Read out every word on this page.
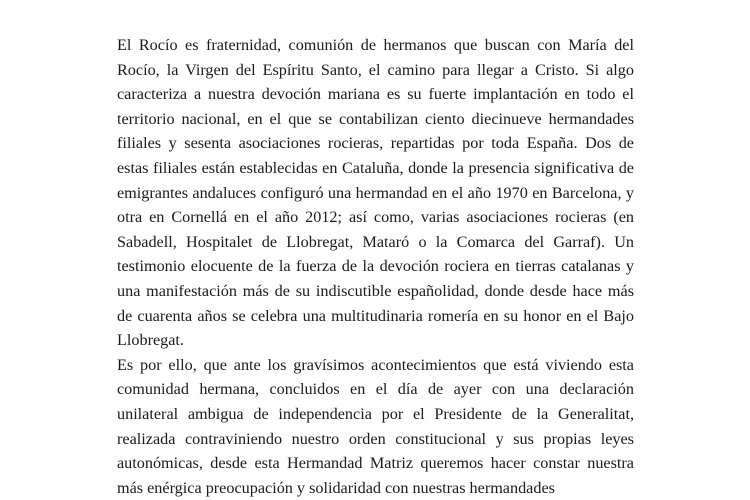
El Rocío es fraternidad, comunión de hermanos que buscan con María del Rocío, la Virgen del Espíritu Santo, el camino para llegar a Cristo. Si algo caracteriza a nuestra devoción mariana es su fuerte implantación en todo el territorio nacional, en el que se contabilizan ciento diecinueve hermandades filiales y sesenta asociaciones rocieras, repartidas por toda España. Dos de estas filiales están establecidas en Cataluña, donde la presencia significativa de emigrantes andaluces configuró una hermandad en el año 1970 en Barcelona, y otra en Cornellá en el año 2012; así como, varias asociaciones rocieras (en Sabadell, Hospitalet de Llobregat, Mataró o la Comarca del Garraf). Un testimonio elocuente de la fuerza de la devoción rociera en tierras catalanas y una manifestación más de su indiscutible españolidad, donde desde hace más de cuarenta años se celebra una multitudinaria romería en su honor en el Bajo Llobregat.

Es por ello, que ante los gravísimos acontecimientos que está viviendo esta comunidad hermana, concluidos en el día de ayer con una declaración unilateral ambigua de independencia por el Presidente de la Generalitat, realizada contraviniendo nuestro orden constitucional y sus propias leyes autonómicas, desde esta Hermandad Matriz queremos hacer constar nuestra más enérgica preocupación y solidaridad con nuestras hermandades
